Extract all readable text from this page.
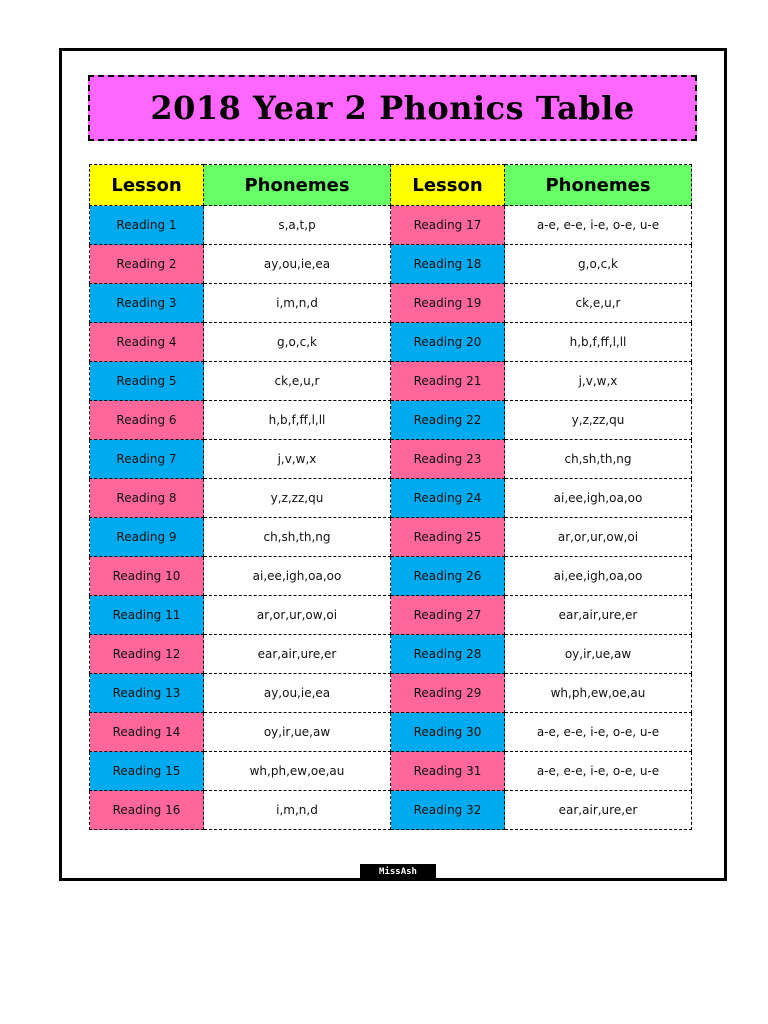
2018 Year 2 Phonics Table
Lesson	Phonemes	Lesson	Phonemes
Reading 1	s,a,t,p	Reading 17	a-e, e-e, i-e, o-e, u-e
Reading 2	ay,ou,ie,ea	Reading 18	g,o,c,k
Reading 3	i,m,n,d	Reading 19	ck,e,u,r
Reading 4	g,o,c,k	Reading 20	h,b,f,ff,l,ll
Reading 5	ck,e,u,r	Reading 21	j,v,w,x
Reading 6	h,b,f,ff,l,ll	Reading 22	y,z,zz,qu
Reading 7	j,v,w,x	Reading 23	ch,sh,th,ng
Reading 8	y,z,zz,qu	Reading 24	ai,ee,igh,oa,oo
Reading 9	ch,sh,th,ng	Reading 25	ar,or,ur,ow,oi
Reading 10	ai,ee,igh,oa,oo	Reading 26	ai,ee,igh,oa,oo
Reading 11	ar,or,ur,ow,oi	Reading 27	ear,air,ure,er
Reading 12	ear,air,ure,er	Reading 28	oy,ir,ue,aw
Reading 13	ay,ou,ie,ea	Reading 29	wh,ph,ew,oe,au
Reading 14	oy,ir,ue,aw	Reading 30	a-e, e-e, i-e, o-e, u-e
Reading 15	wh,ph,ew,oe,au	Reading 31	a-e, e-e, i-e, o-e, u-e
Reading 16	i,m,n,d	Reading 32	ear,air,ure,er
MissAsh
